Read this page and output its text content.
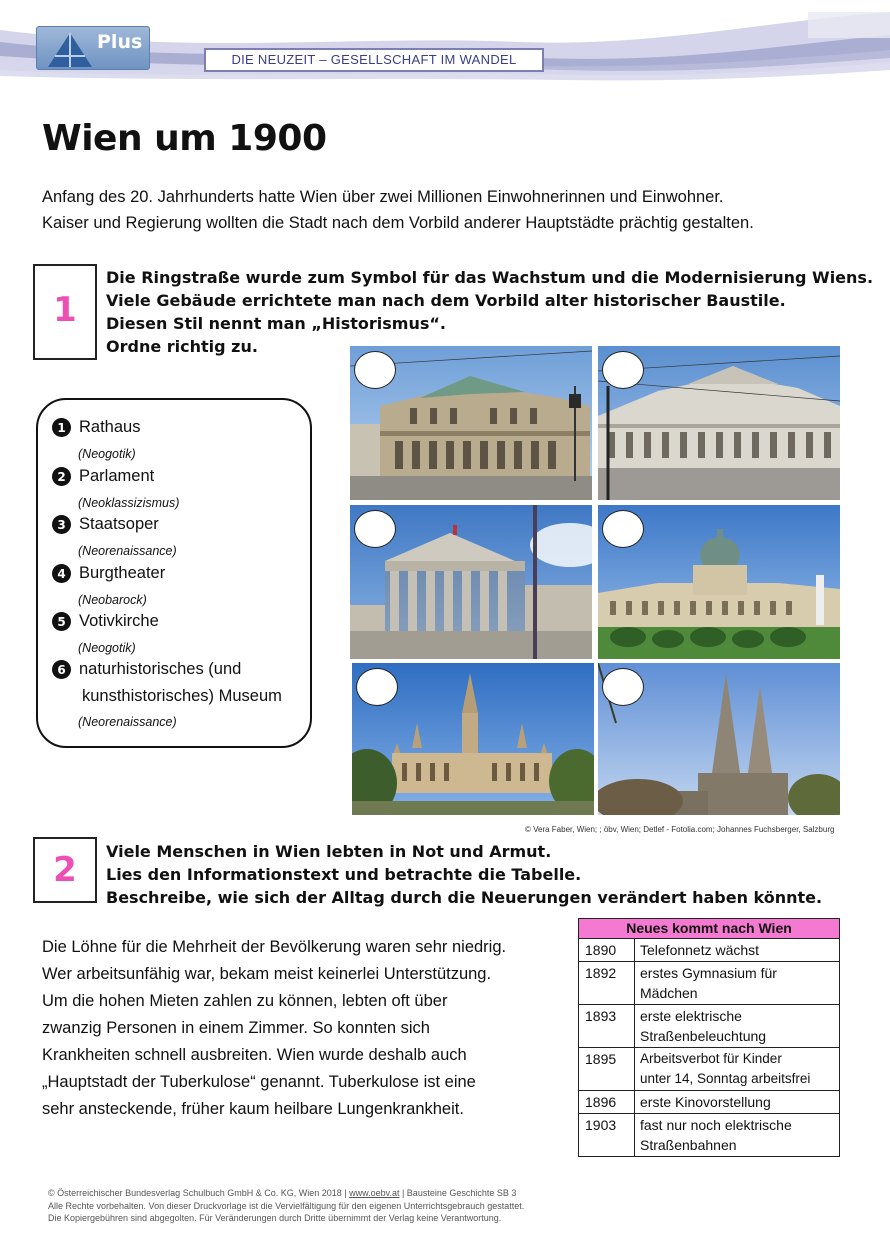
Plus
DIE NEUZEIT – GESELLSCHAFT IM WANDEL
Wien um 1900
Anfang des 20. Jahrhunderts hatte Wien über zwei Millionen Einwohnerinnen und Einwohner.
Kaiser und Regierung wollten die Stadt nach dem Vorbild anderer Hauptstädte prächtig gestalten.
1
Die Ringstraße wurde zum Symbol für das Wachstum und die Modernisierung Wiens.
Viele Gebäude errichtete man nach dem Vorbild alter historischer Baustile.
Diesen Stil nennt man „Historismus“.
Ordne richtig zu.
1 Rathaus
(Neogotik)
2 Parlament
(Neoklassizismus)
3 Staatsoper
(Neorenaissance)
4 Burgtheater
(Neobarock)
5 Votivkirche
(Neogotik)
6 naturhistorisches (und
kunsthistorisches) Museum
(Neorenaissance)
© Vera Faber, Wien; ; öbv, Wien; Detlef - Fotolia.com; Johannes Fuchsberger, Salzburg
2	Viele Menschen in Wien lebten in Not und Armut.
Lies den Informationstext und betrachte die Tabelle.
Beschreibe, wie sich der Alltag durch die Neuerungen verändert haben könnte.
Die Löhne für die Mehrheit der Bevölkerung waren sehr niedrig.
Wer arbeitsunfähig war, bekam meist keinerlei Unterstützung.
Um die hohen Mieten zahlen zu können, lebten oft über
zwanzig Personen in einem Zimmer. So konnten sich
Krankheiten schnell ausbreiten. Wien wurde deshalb auch
„Hauptstadt der Tuberkulose“ genannt. Tuberkulose ist eine
sehr ansteckende, früher kaum heilbare Lungenkrankheit.
Neues kommt nach Wien
1890	Telefonnetz wächst
1892	erstes Gymnasium für
Mädchen
1893	erste elektrische
Straßenbeleuchtung
1895	Arbeitsverbot für Kinder
unter 14, Sonntag arbeitsfrei
1896	erste Kinovorstellung
1903	fast nur noch elektrische
Straßenbahnen
© Österreichischer Bundesverlag Schulbuch GmbH & Co. KG, Wien 2018 | www.oebv.at | Bausteine Geschichte SB 3
Alle Rechte vorbehalten. Von dieser Druckvorlage ist die Vervielfältigung für den eigenen Unterrichtsgebrauch gestattet.
Die Kopiergebühren sind abgegolten. Für Veränderungen durch Dritte übernimmt der Verlag keine Verantwortung.
